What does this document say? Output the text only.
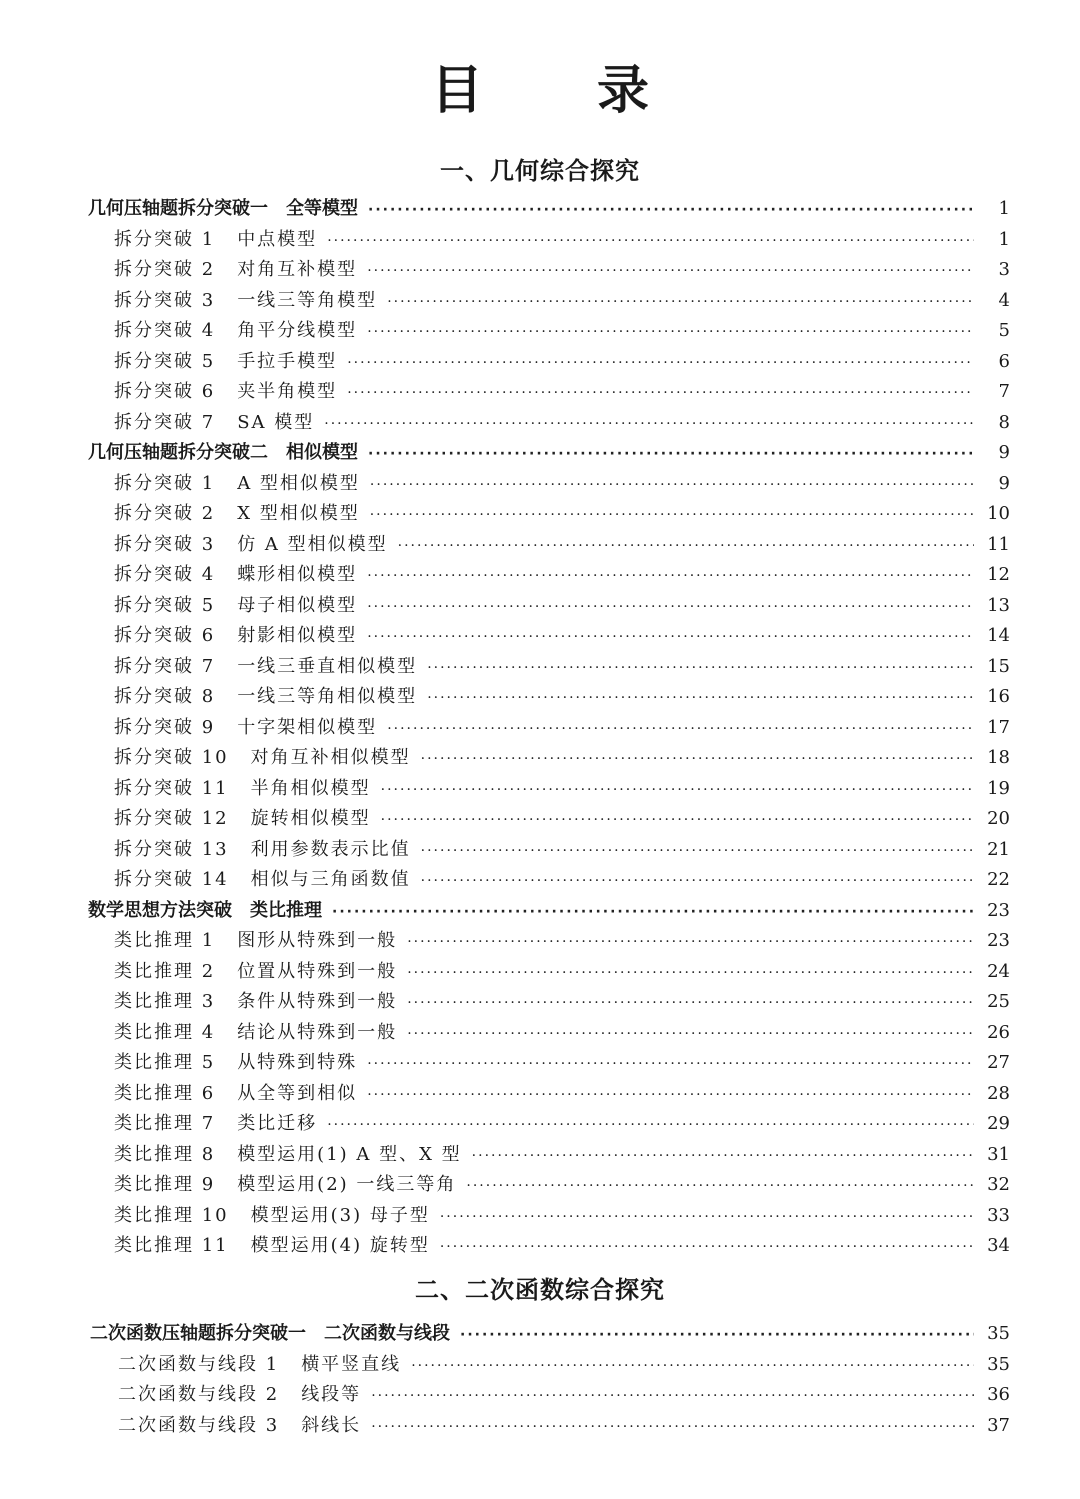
目 录
一、几何综合探究
几何压轴题拆分突破一　全等模型 ·····	1
拆分突破 1 中点模型 ·····	1
拆分突破 2 对角互补模型 ·····	3
拆分突破 3 一线三等角模型 ·····	4
拆分突破 4 角平分线模型 ·····	5
拆分突破 5 手拉手模型 ·····	6
拆分突破 6 夹半角模型 ·····	7
拆分突破 7 SA 模型 ·····	8
几何压轴题拆分突破二　相似模型 ·····	9
拆分突破 1 A 型相似模型 ·····	9
拆分突破 2 X 型相似模型 ·····	10
拆分突破 3 仿 A 型相似模型 ·····	11
拆分突破 4 蝶形相似模型 ·····	12
拆分突破 5 母子相似模型 ·····	13
拆分突破 6 射影相似模型 ·····	14
拆分突破 7 一线三垂直相似模型 ·····	15
拆分突破 8 一线三等角相似模型 ·····	16
拆分突破 9 十字架相似模型 ·····	17
拆分突破 10 对角互补相似模型 ·····	18
拆分突破 11 半角相似模型 ·····	19
拆分突破 12 旋转相似模型 ·····	20
拆分突破 13 利用参数表示比值 ·····	21
拆分突破 14 相似与三角函数值 ·····	22
数学思想方法突破　类比推理 ·····	23
类比推理 1 图形从特殊到一般 ·····	23
类比推理 2 位置从特殊到一般 ·····	24
类比推理 3 条件从特殊到一般 ·····	25
类比推理 4 结论从特殊到一般 ·····	26
类比推理 5 从特殊到特殊 ·····	27
类比推理 6 从全等到相似 ·····	28
类比推理 7 类比迁移 ·····	29
类比推理 8 模型运用(1) A 型、X 型 ·····	31
类比推理 9 模型运用(2) 一线三等角 ·····	32
类比推理 10 模型运用(3) 母子型 ·····	33
类比推理 11 模型运用(4) 旋转型 ·····	34
二、二次函数综合探究
二次函数压轴题拆分突破一　二次函数与线段 ·····	35
二次函数与线段 1 横平竖直线 ·····	35
二次函数与线段 2 线段等 ·····	36
二次函数与线段 3 斜线长 ·····	37
